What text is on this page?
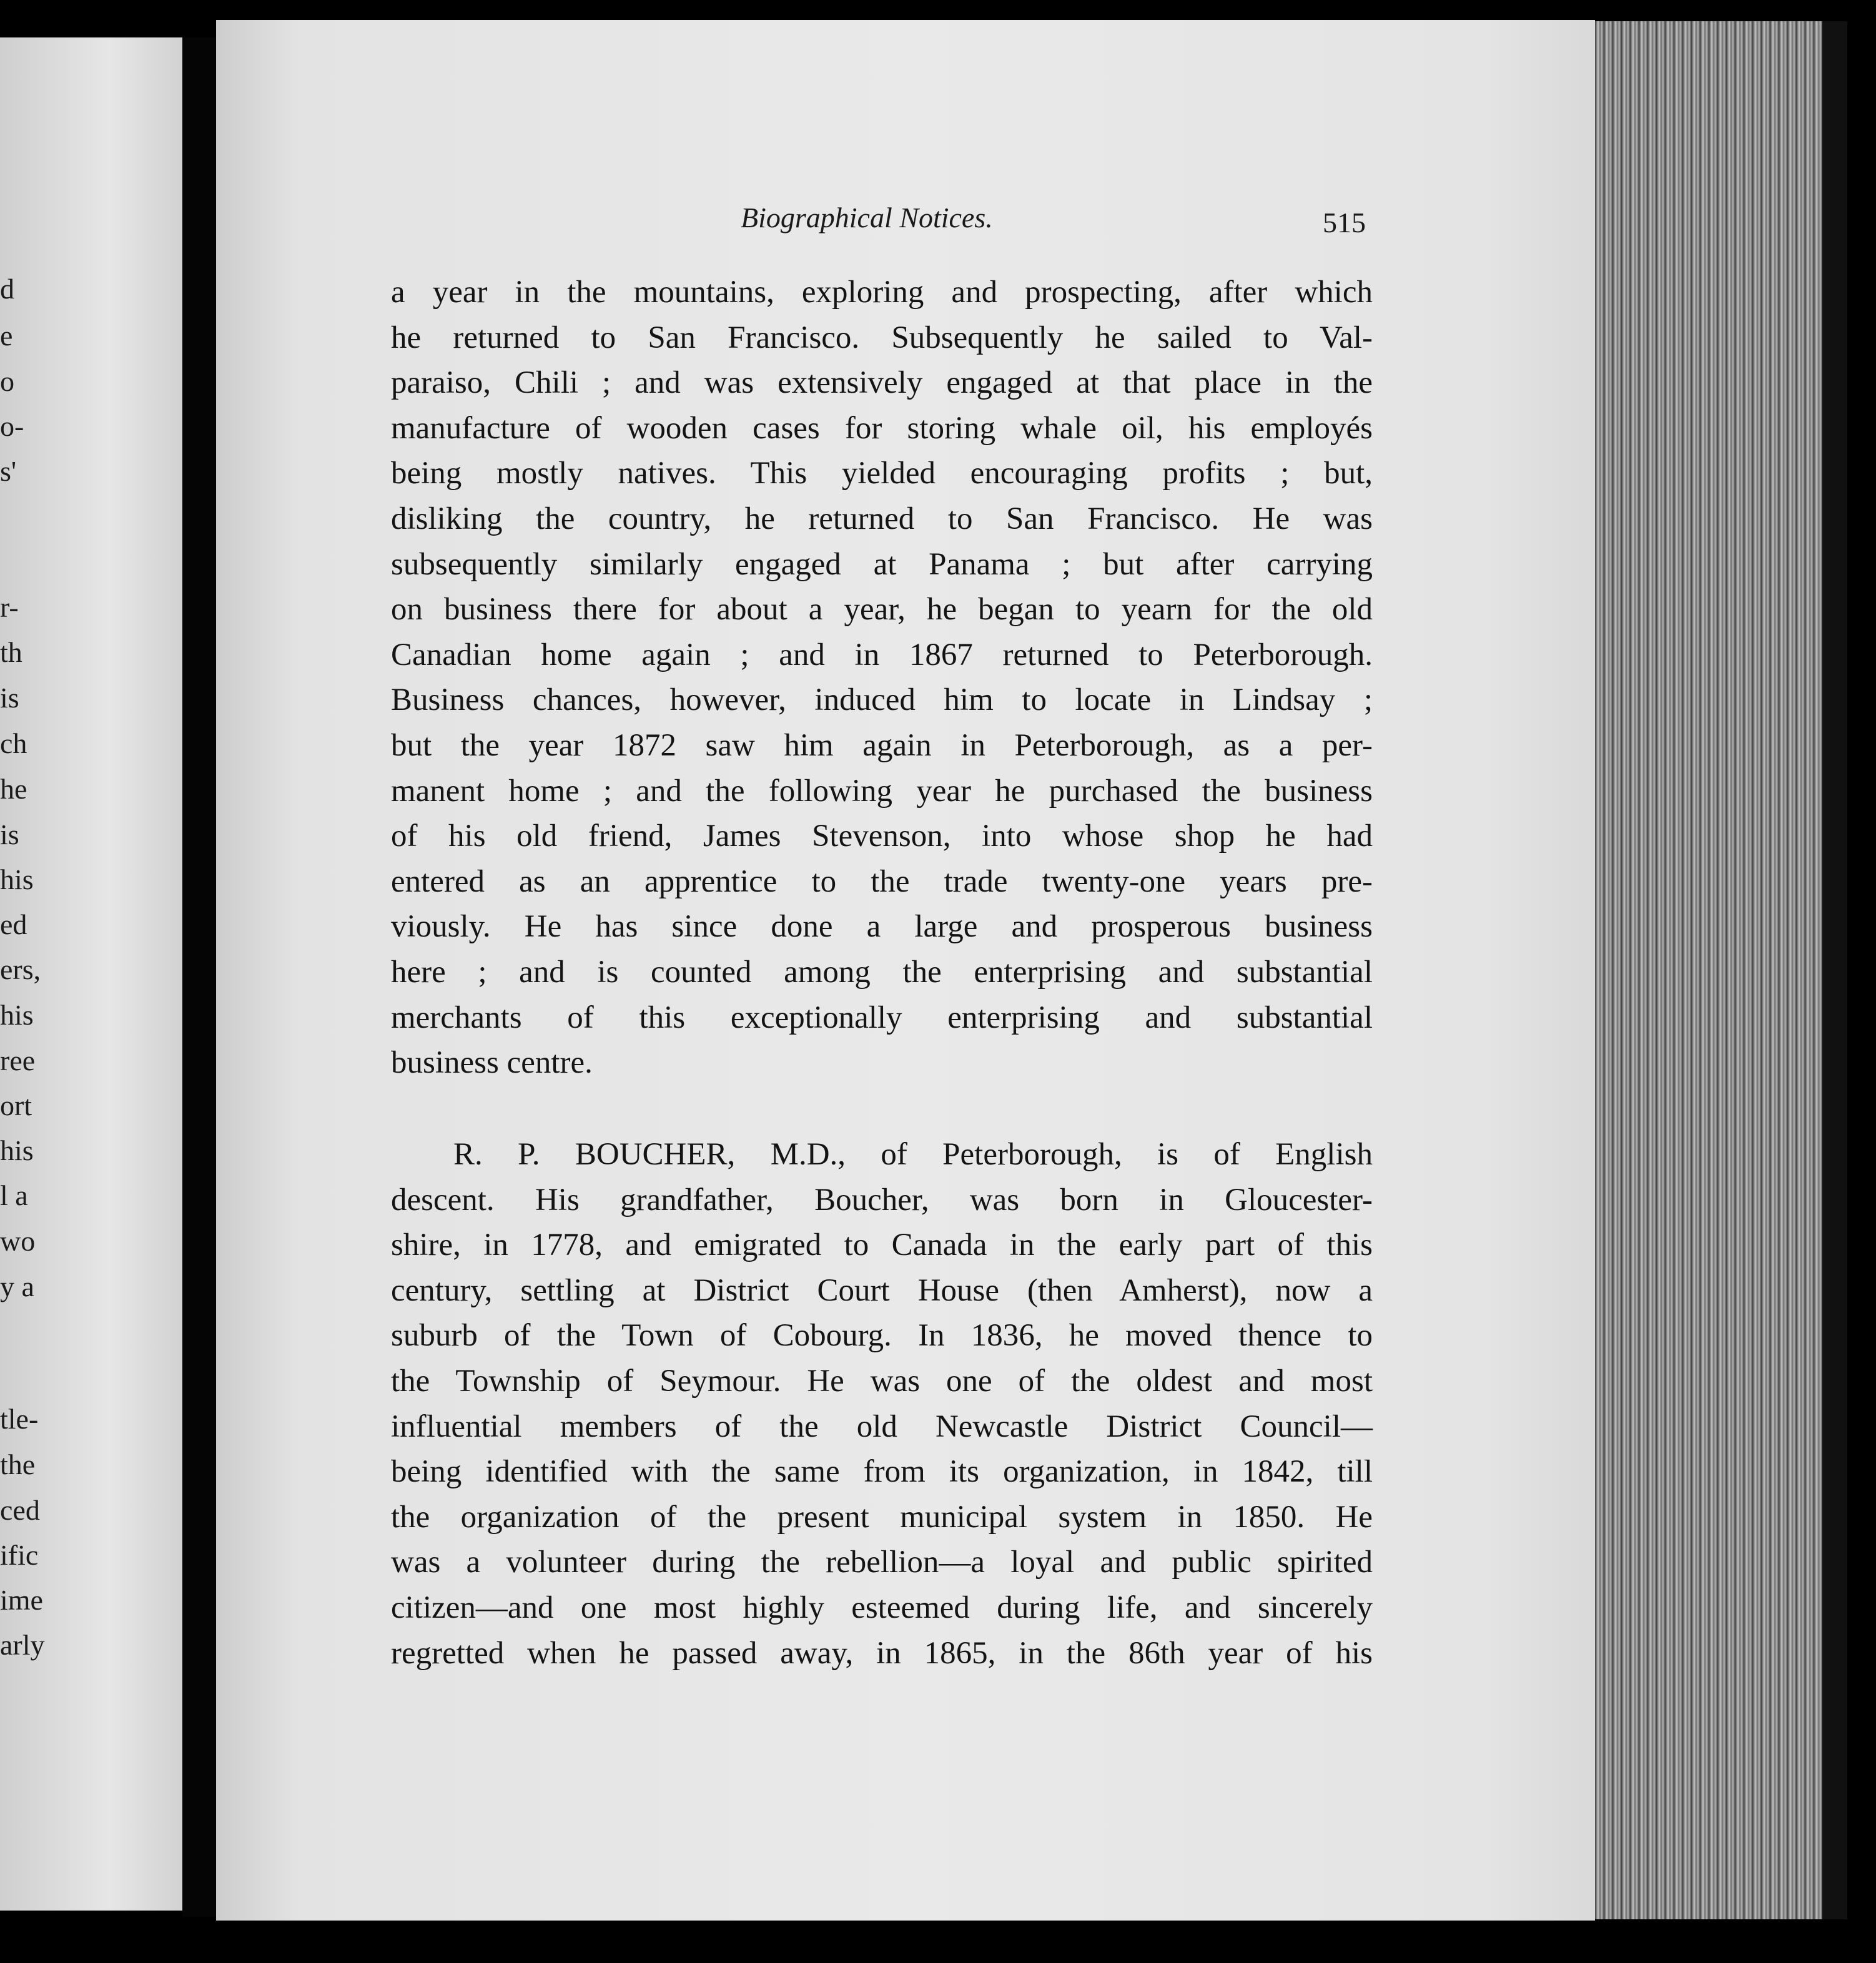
d
e
o
o-
s'
r-
th
is
ch
he
is
his
ed
ers,
his
ree
ort
his
l a
wo
y a
tle-
the
ced
ific
ime
arly
Biographical Notices.	515
a year in the mountains, exploring and prospecting, after which
he returned to San Francisco. Subsequently he sailed to Val-
paraiso, Chili ; and was extensively engaged at that place in the
manufacture of wooden cases for storing whale oil, his employés
being mostly natives. This yielded encouraging profits ; but,
disliking the country, he returned to San Francisco. He was
subsequently similarly engaged at Panama ; but after carrying
on business there for about a year, he began to yearn for the old
Canadian home again ; and in 1867 returned to Peterborough.
Business chances, however, induced him to locate in Lindsay ;
but the year 1872 saw him again in Peterborough, as a per-
manent home ; and the following year he purchased the business
of his old friend, James Stevenson, into whose shop he had
entered as an apprentice to the trade twenty-one years pre-
viously. He has since done a large and prosperous business
here ; and is counted among the enterprising and substantial
merchants of this exceptionally enterprising and substantial
business centre.
R. P. BOUCHER, M.D., of Peterborough, is of English
descent. His grandfather, Boucher, was born in Gloucester-
shire, in 1778, and emigrated to Canada in the early part of this
century, settling at District Court House (then Amherst), now a
suburb of the Town of Cobourg. In 1836, he moved thence to
the Township of Seymour. He was one of the oldest and most
influential members of the old Newcastle District Council—
being identified with the same from its organization, in 1842, till
the organization of the present municipal system in 1850. He
was a volunteer during the rebellion—a loyal and public spirited
citizen—and one most highly esteemed during life, and sincerely
regretted when he passed away, in 1865, in the 86th year of his
